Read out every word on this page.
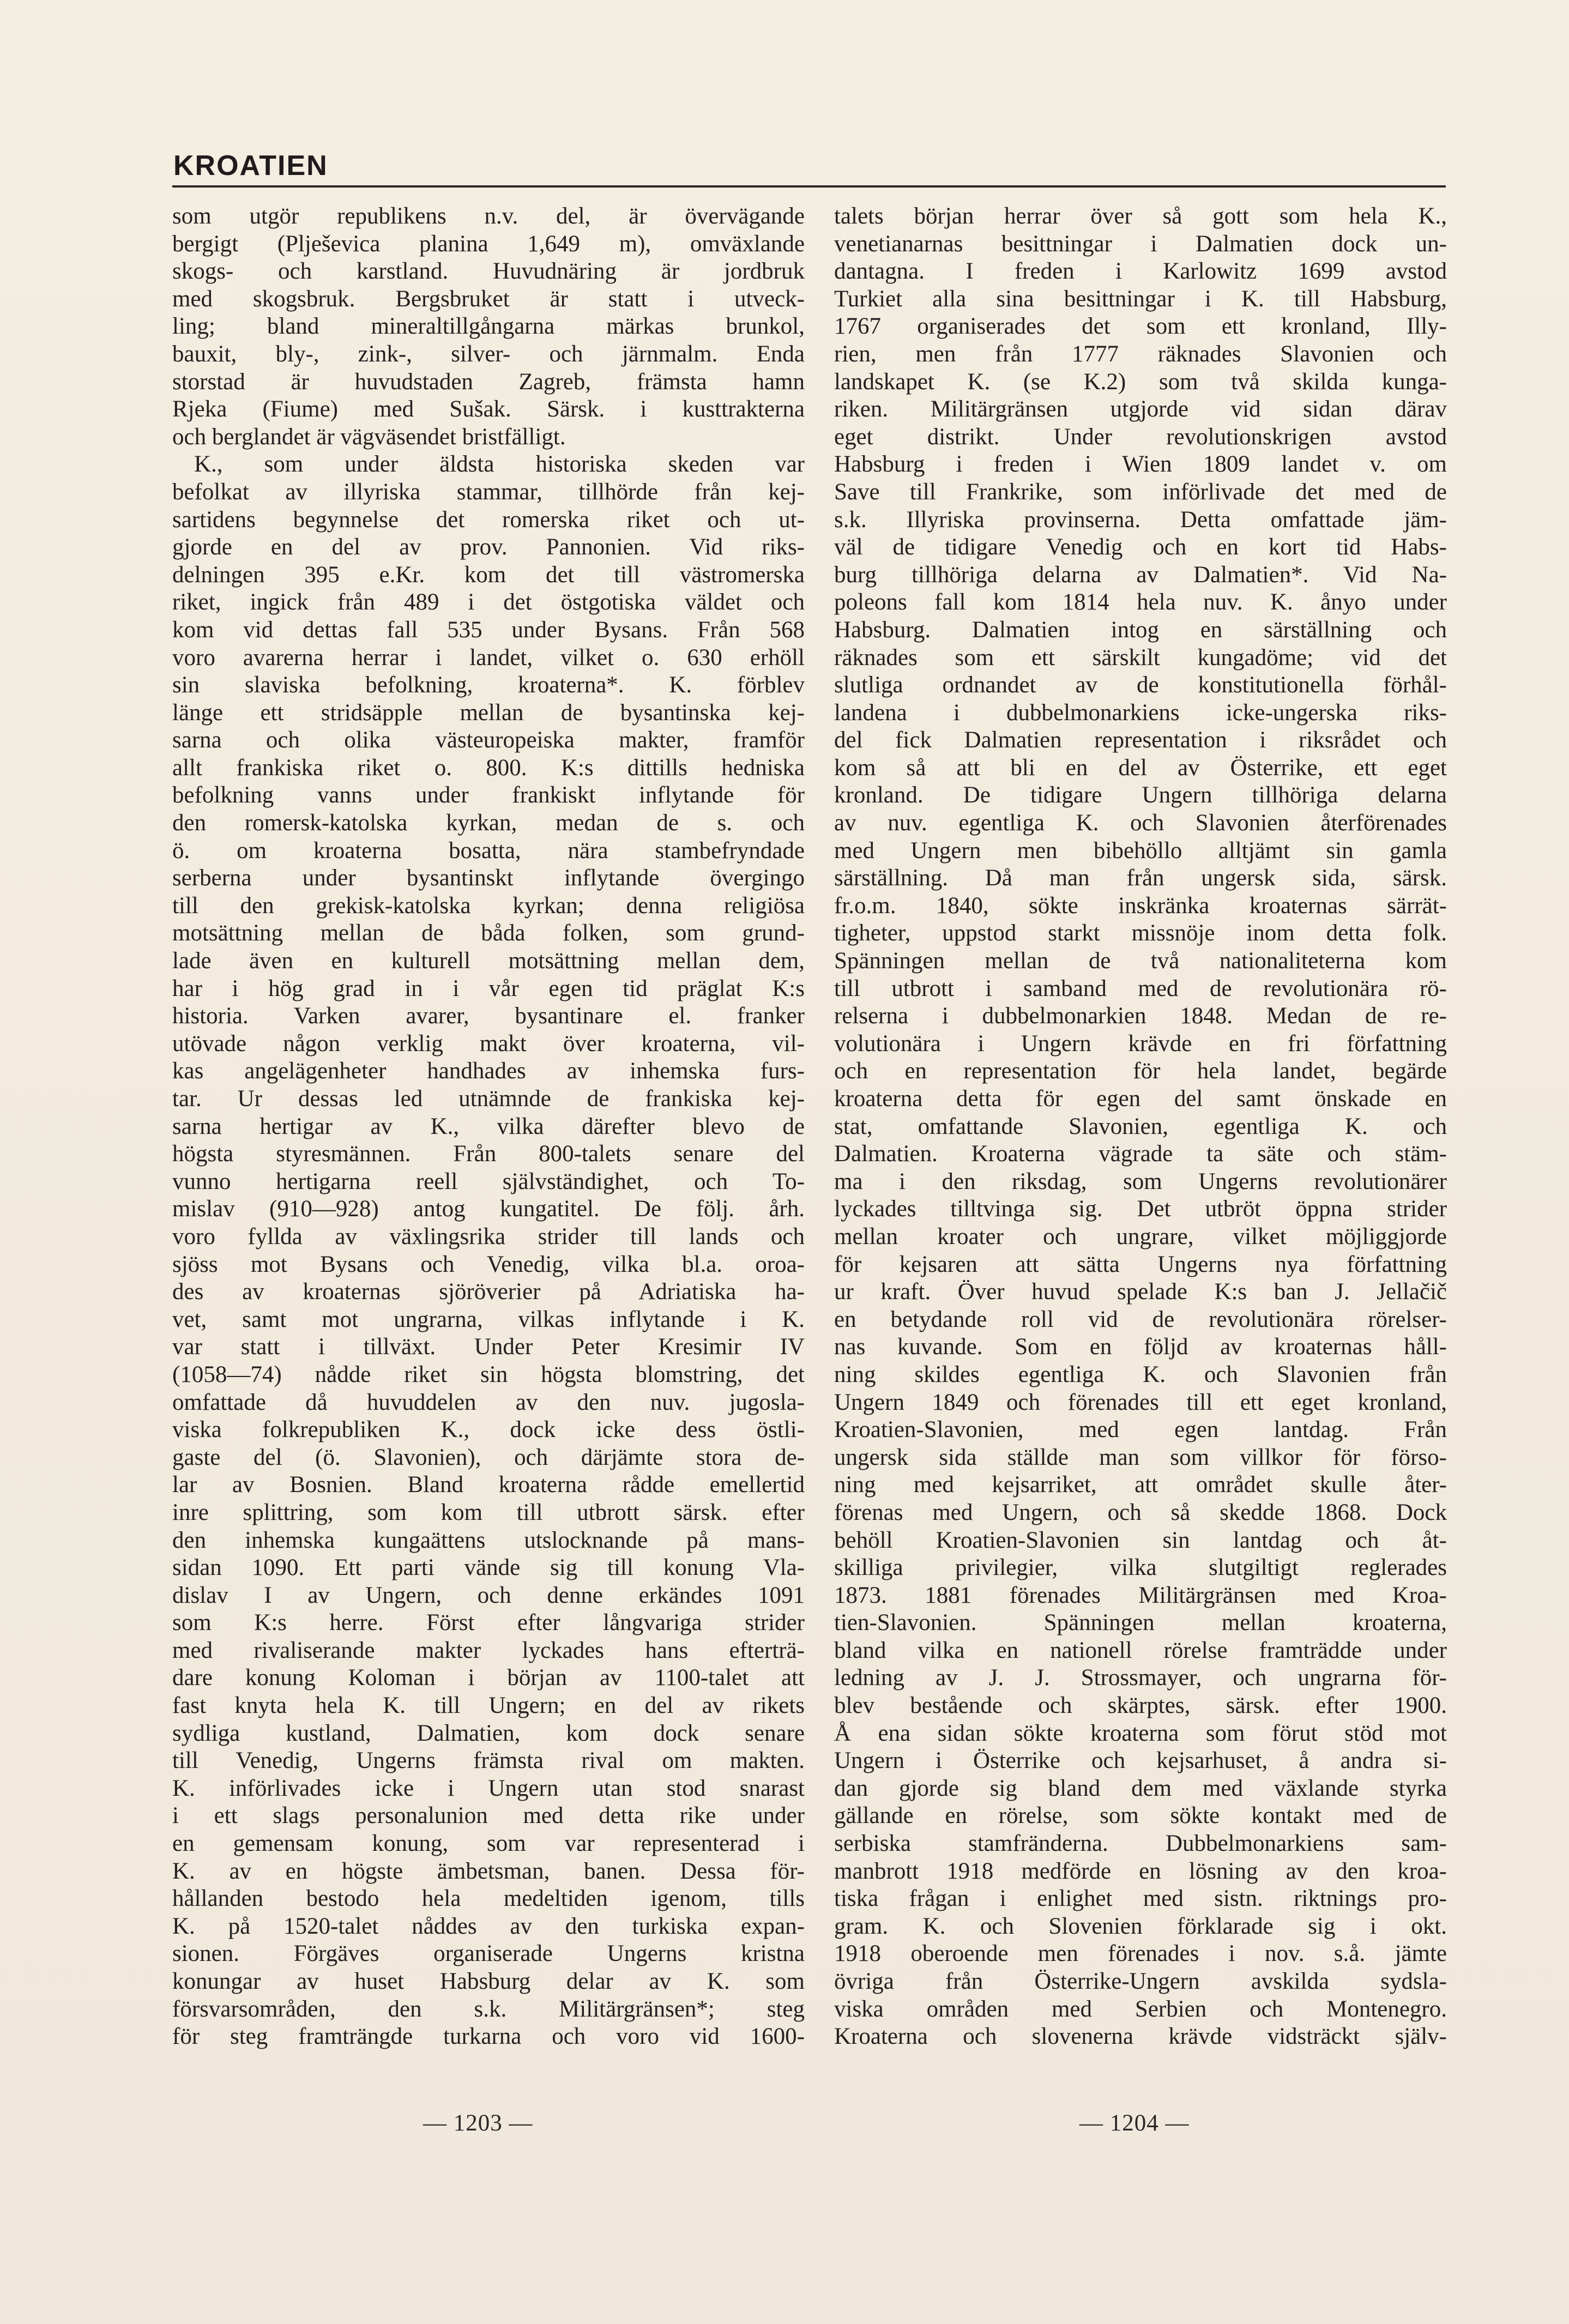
KROATIEN

som utgör republikens n.v. del, är övervägande

bergigt (Plješevica planina 1,649 m), omväxlande

skogs- och karstland. Huvudnäring är jordbruk

med skogsbruk. Bergsbruket är statt i utveck-

ling; bland mineraltillgångarna märkas brunkol,

bauxit, bly-, zink-, silver- och järnmalm. Enda

storstad är huvudstaden Zagreb, främsta hamn

Rjeka (Fiume) med Sušak. Särsk. i kusttrakterna

och berglandet är vägväsendet bristfälligt.

K., som under äldsta historiska skeden var

befolkat av illyriska stammar, tillhörde från kej-

sartidens begynnelse det romerska riket och ut-

gjorde en del av prov. Pannonien. Vid riks-

delningen 395 e.Kr. kom det till västromerska

riket, ingick från 489 i det östgotiska väldet och

kom vid dettas fall 535 under Bysans. Från 568

voro avarerna herrar i landet, vilket o. 630 erhöll

sin slaviska befolkning, kroaterna*. K. förblev

länge ett stridsäpple mellan de bysantinska kej-

sarna och olika västeuropeiska makter, framför

allt frankiska riket o. 800. K:s dittills hedniska

befolkning vanns under frankiskt inflytande för

den romersk-katolska kyrkan, medan de s. och

ö. om kroaterna bosatta, nära stambefryndade

serberna under bysantinskt inflytande övergingo

till den grekisk-katolska kyrkan; denna religiösa

motsättning mellan de båda folken, som grund-

lade även en kulturell motsättning mellan dem,

har i hög grad in i vår egen tid präglat K:s

historia. Varken avarer, bysantinare el. franker

utövade någon verklig makt över kroaterna, vil-

kas angelägenheter handhades av inhemska furs-

tar. Ur dessas led utnämnde de frankiska kej-

sarna hertigar av K., vilka därefter blevo de

högsta styresmännen. Från 800-talets senare del

vunno hertigarna reell självständighet, och To-

mislav (910—928) antog kungatitel. De följ. årh.

voro fyllda av växlingsrika strider till lands och

sjöss mot Bysans och Venedig, vilka bl.a. oroa-

des av kroaternas sjöröverier på Adriatiska ha-

vet, samt mot ungrarna, vilkas inflytande i K.

var statt i tillväxt. Under Peter Kresimir IV

(1058—74) nådde riket sin högsta blomstring, det

omfattade då huvuddelen av den nuv. jugosla-

viska folkrepubliken K., dock icke dess östli-

gaste del (ö. Slavonien), och därjämte stora de-

lar av Bosnien. Bland kroaterna rådde emellertid

inre splittring, som kom till utbrott särsk. efter

den inhemska kungaättens utslocknande på mans-

sidan 1090. Ett parti vände sig till konung Vla-

dislav I av Ungern, och denne erkändes 1091

som K:s herre. Först efter långvariga strider

med rivaliserande makter lyckades hans efterträ-

dare konung Koloman i början av 1100-talet att

fast knyta hela K. till Ungern; en del av rikets

sydliga kustland, Dalmatien, kom dock senare

till Venedig, Ungerns främsta rival om makten.

K. införlivades icke i Ungern utan stod snarast

i ett slags personalunion med detta rike under

en gemensam konung, som var representerad i

K. av en högste ämbetsman, banen. Dessa för-

hållanden bestodo hela medeltiden igenom, tills

K. på 1520-talet nåddes av den turkiska expan-

sionen. Förgäves organiserade Ungerns kristna

konungar av huset Habsburg delar av K. som

försvarsområden, den s.k. Militärgränsen*; steg

för steg framträngde turkarna och voro vid 1600-

talets början herrar över så gott som hela K.,

venetianarnas besittningar i Dalmatien dock un-

dantagna. I freden i Karlowitz 1699 avstod

Turkiet alla sina besittningar i K. till Habsburg,

1767 organiserades det som ett kronland, Illy-

rien, men från 1777 räknades Slavonien och

landskapet K. (se K.2) som två skilda kunga-

riken. Militärgränsen utgjorde vid sidan därav

eget distrikt. Under revolutionskrigen avstod

Habsburg i freden i Wien 1809 landet v. om

Save till Frankrike, som införlivade det med de

s.k. Illyriska provinserna. Detta omfattade jäm-

väl de tidigare Venedig och en kort tid Habs-

burg tillhöriga delarna av Dalmatien*. Vid Na-

poleons fall kom 1814 hela nuv. K. ånyo under

Habsburg. Dalmatien intog en särställning och

räknades som ett särskilt kungadöme; vid det

slutliga ordnandet av de konstitutionella förhål-

landena i dubbelmonarkiens icke-ungerska riks-

del fick Dalmatien representation i riksrådet och

kom så att bli en del av Österrike, ett eget

kronland. De tidigare Ungern tillhöriga delarna

av nuv. egentliga K. och Slavonien återförenades

med Ungern men bibehöllo alltjämt sin gamla

särställning. Då man från ungersk sida, särsk.

fr.o.m. 1840, sökte inskränka kroaternas särrät-

tigheter, uppstod starkt missnöje inom detta folk.

Spänningen mellan de två nationaliteterna kom

till utbrott i samband med de revolutionära rö-

relserna i dubbelmonarkien 1848. Medan de re-

volutionära i Ungern krävde en fri författning

och en representation för hela landet, begärde

kroaterna detta för egen del samt önskade en

stat, omfattande Slavonien, egentliga K. och

Dalmatien. Kroaterna vägrade ta säte och stäm-

ma i den riksdag, som Ungerns revolutionärer

lyckades tilltvinga sig. Det utbröt öppna strider

mellan kroater och ungrare, vilket möjliggjorde

för kejsaren att sätta Ungerns nya författning

ur kraft. Över huvud spelade K:s ban J. Jellačič

en betydande roll vid de revolutionära rörelser-

nas kuvande. Som en följd av kroaternas håll-

ning skildes egentliga K. och Slavonien från

Ungern 1849 och förenades till ett eget kronland,

Kroatien-Slavonien, med egen lantdag. Från

ungersk sida ställde man som villkor för förso-

ning med kejsarriket, att området skulle åter-

förenas med Ungern, och så skedde 1868. Dock

behöll Kroatien-Slavonien sin lantdag och åt-

skilliga privilegier, vilka slutgiltigt reglerades

1873. 1881 förenades Militärgränsen med Kroa-

tien-Slavonien. Spänningen mellan kroaterna,

bland vilka en nationell rörelse framträdde under

ledning av J. J. Strossmayer, och ungrarna för-

blev bestående och skärptes, särsk. efter 1900.

Å ena sidan sökte kroaterna som förut stöd mot

Ungern i Österrike och kejsarhuset, å andra si-

dan gjorde sig bland dem med växlande styrka

gällande en rörelse, som sökte kontakt med de

serbiska stamfränderna. Dubbelmonarkiens sam-

manbrott 1918 medförde en lösning av den kroa-

tiska frågan i enlighet med sistn. riktnings pro-

gram. K. och Slovenien förklarade sig i okt.

1918 oberoende men förenades i nov. s.å. jämte

övriga från Österrike-Ungern avskilda sydsla-

viska områden med Serbien och Montenegro.

Kroaterna och slovenerna krävde vidsträckt själv-

— 1203 —	— 1204 —
